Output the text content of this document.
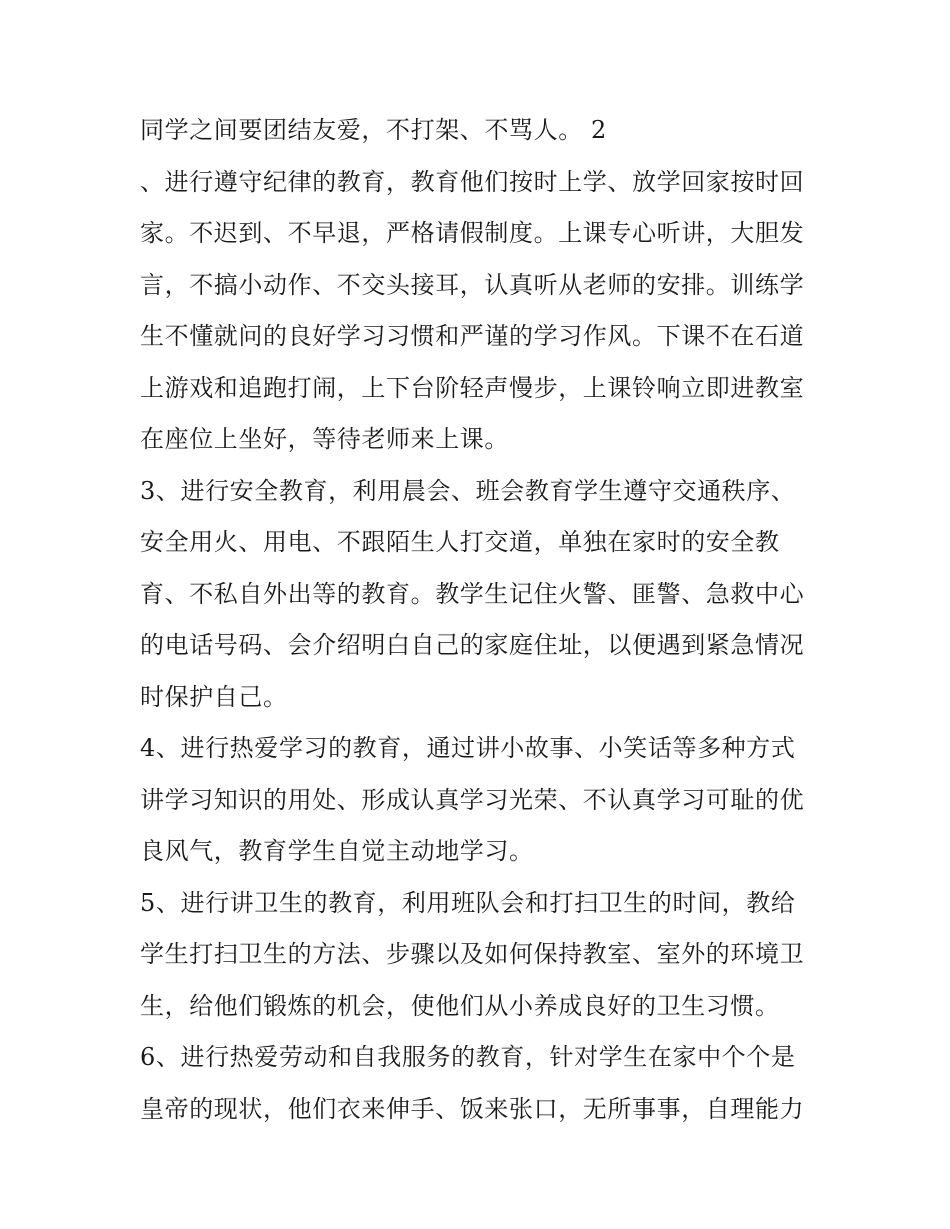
同学之间要团结友爱，不打架、不骂人。 2
、进行遵守纪律的教育，教育他们按时上学、放学回家按时回
家。不迟到、不早退，严格请假制度。上课专心听讲，大胆发
言，不搞小动作、不交头接耳，认真听从老师的安排。训练学
生不懂就问的良好学习习惯和严谨的学习作风。下课不在石道
上游戏和追跑打闹，上下台阶轻声慢步，上课铃响立即进教室
在座位上坐好，等待老师来上课。
3、进行安全教育，利用晨会、班会教育学生遵守交通秩序、
安全用火、用电、不跟陌生人打交道，单独在家时的安全教
育、不私自外出等的教育。教学生记住火警、匪警、急救中心
的电话号码、会介绍明白自己的家庭住址，以便遇到紧急情况
时保护自己。
4、进行热爱学习的教育，通过讲小故事、小笑话等多种方式
讲学习知识的用处、形成认真学习光荣、不认真学习可耻的优
良风气，教育学生自觉主动地学习。
5、进行讲卫生的教育，利用班队会和打扫卫生的时间，教给
学生打扫卫生的方法、步骤以及如何保持教室、室外的环境卫
生，给他们锻炼的机会，使他们从小养成良好的卫生习惯。
6、进行热爱劳动和自我服务的教育，针对学生在家中个个是
皇帝的现状，他们衣来伸手、饭来张口，无所事事，自理能力
